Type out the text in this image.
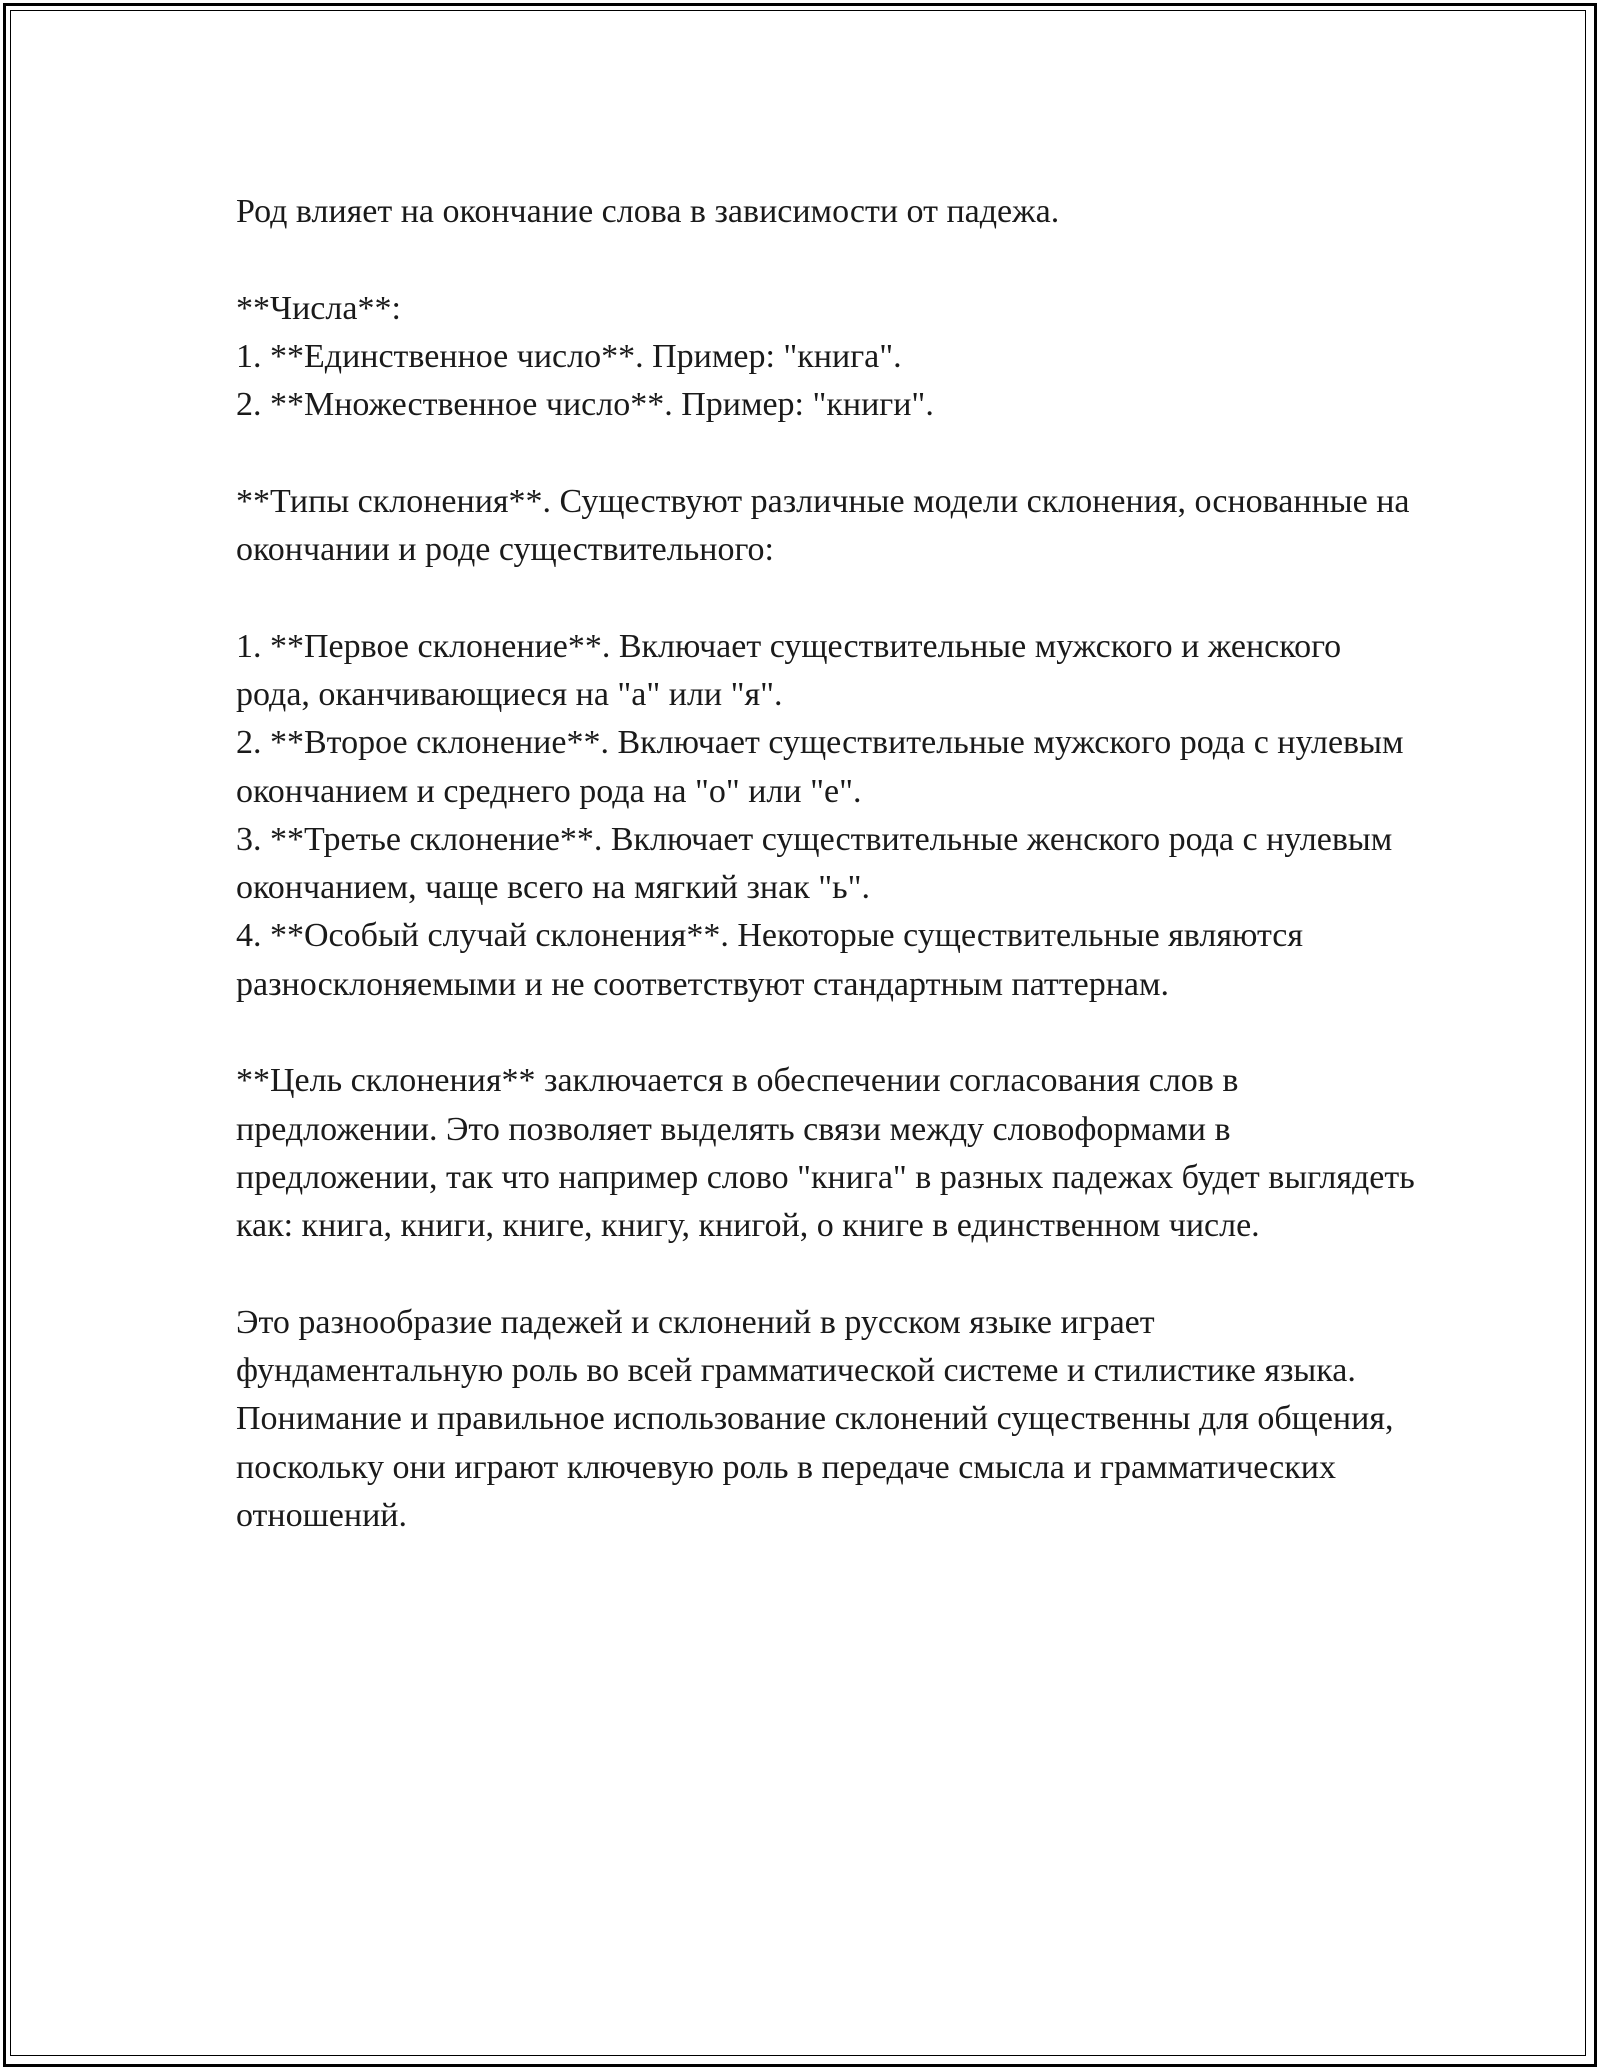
Род влияет на окончание слова в зависимости от падежа.

**Числа**:

1. **Единственное число**. Пример: "книга".

2. **Множественное число**. Пример: "книги".

**Типы склонения**. Существуют различные модели склонения, основанные на окончании и роде существительного:

1. **Первое склонение**. Включает существительные мужского и женского рода, оканчивающиеся на "а" или "я".

2. **Второе склонение**. Включает существительные мужского рода с нулевым окончанием и среднего рода на "о" или "е".

3. **Третье склонение**. Включает существительные женского рода с нулевым окончанием, чаще всего на мягкий знак "ь".

4. **Особый случай склонения**. Некоторые существительные являются разносклоняемыми и не соответствуют стандартным паттернам.

**Цель склонения** заключается в обеспечении согласования слов в предложении. Это позволяет выделять связи между словоформами в предложении, так что например слово "книга" в разных падежах будет выглядеть как: книга, книги, книге, книгу, книгой, о книге в единственном числе.

Это разнообразие падежей и склонений в русском языке играет фундаментальную роль во всей грамматической системе и стилистике языка. Понимание и правильное использование склонений существенны для общения, поскольку они играют ключевую роль в передаче смысла и грамматических отношений.
